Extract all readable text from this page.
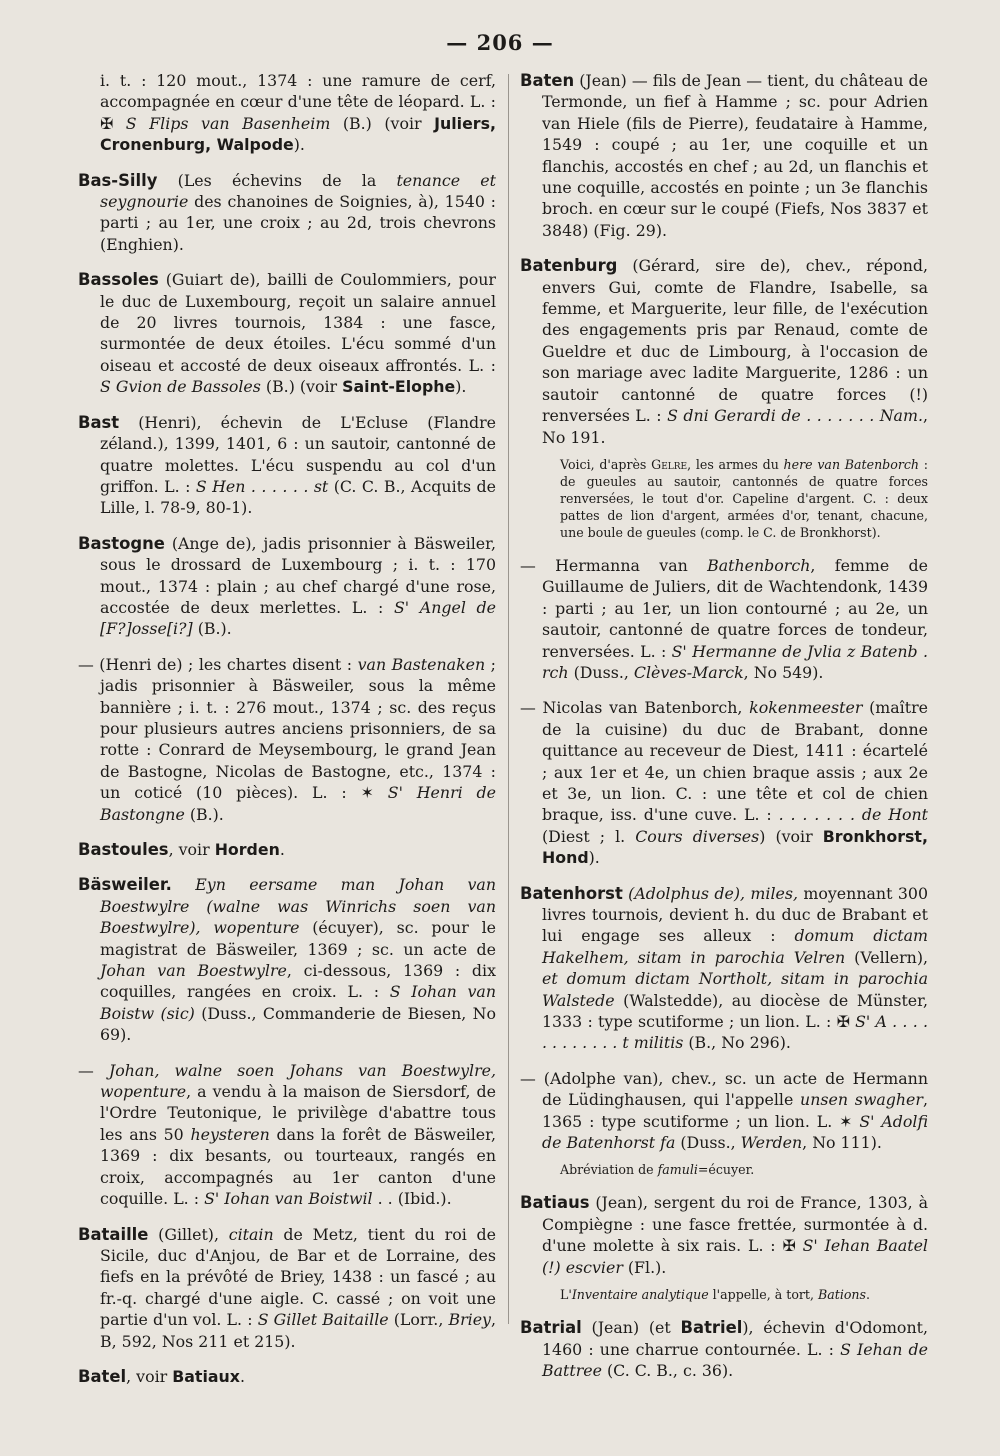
— 206 —

i. t. : 120 mout., 1374 : une ramure de cerf, accompagnée en cœur d'une tête de léopard. L. : ✠ S Flips van Basenheim (B.) (voir Juliers, Cronenburg, Walpode).

Bas-Silly (Les échevins de la tenance et seygnourie des chanoines de Soignies, à), 1540 : parti ; au 1er, une croix ; au 2d, trois chevrons (Enghien).

Bassoles (Guiart de), bailli de Coulommiers, pour le duc de Luxembourg, reçoit un salaire annuel de 20 livres tournois, 1384 : une fasce, surmontée de deux étoiles. L'écu sommé d'un oiseau et accosté de deux oiseaux affrontés. L. : S Gvion de Bassoles (B.) (voir Saint-Elophe).

Bast (Henri), échevin de L'Ecluse (Flandre zéland.), 1399, 1401, 6 : un sautoir, cantonné de quatre molettes. L'écu suspendu au col d'un griffon. L. : S Hen . . . . . . st (C. C. B., Acquits de Lille, l. 78-9, 80-1).

Bastogne (Ange de), jadis prisonnier à Bäsweiler, sous le drossard de Luxembourg ; i. t. : 170 mout., 1374 : plain ; au chef chargé d'une rose, accostée de deux merlettes. L. : S' Angel de [F?]osse[i?] (B.).

— (Henri de) ; les chartes disent : van Bastenaken ; jadis prisonnier à Bäsweiler, sous la même bannière ; i. t. : 276 mout., 1374 ; sc. des reçus pour plusieurs autres anciens prisonniers, de sa rotte : Conrard de Meysembourg, le grand Jean de Bastogne, Nicolas de Bastogne, etc., 1374 : un coticé (10 pièces). L. : ✶ S' Henri de Bastongne (B.).

Bastoules, voir Horden.

Bäsweiler. Eyn eersame man Johan van Boestwylre (walne was Winrichs soen van Boestwylre), wopenture (écuyer), sc. pour le magistrat de Bäsweiler, 1369 ; sc. un acte de Johan van Boestwylre, ci-dessous, 1369 : dix coquilles, rangées en croix. L. : S Iohan van Boistw (sic) (Duss., Commanderie de Biesen, No 69).

— Johan, walne soen Johans van Boestwylre, wopenture, a vendu à la maison de Siersdorf, de l'Ordre Teutonique, le privilège d'abattre tous les ans 50 heysteren dans la forêt de Bäsweiler, 1369 : dix besants, ou tourteaux, rangés en croix, accompagnés au 1er canton d'une coquille. L. : S' Iohan van Boistwil . . (Ibid.).

Bataille (Gillet), citain de Metz, tient du roi de Sicile, duc d'Anjou, de Bar et de Lorraine, des fiefs en la prévôté de Briey, 1438 : un fascé ; au fr.-q. chargé d'une aigle. C. cassé ; on voit une partie d'un vol. L. : S Gillet Baitaille (Lorr., Briey, B, 592, Nos 211 et 215).

Batel, voir Batiaux.

Baten (Jean) — fils de Jean — tient, du château de Termonde, un fief à Hamme ; sc. pour Adrien van Hiele (fils de Pierre), feudataire à Hamme, 1549 : coupé ; au 1er, une coquille et un flanchis, accostés en chef ; au 2d, un flanchis et une coquille, accostés en pointe ; un 3e flanchis broch. en cœur sur le coupé (Fiefs, Nos 3837 et 3848) (Fig. 29).

Batenburg (Gérard, sire de), chev., répond, envers Gui, comte de Flandre, Isabelle, sa femme, et Marguerite, leur fille, de l'exécution des engagements pris par Renaud, comte de Gueldre et duc de Limbourg, à l'occasion de son mariage avec ladite Marguerite, 1286 : un sautoir cantonné de quatre forces (!) renversées L. : S dni Gerardi de . . . . . . . Nam., No 191.

Voici, d'après Gelre, les armes du here van Batenborch : de gueules au sautoir, cantonnés de quatre forces renversées, le tout d'or. Capeline d'argent. C. : deux pattes de lion d'argent, armées d'or, tenant, chacune, une boule de gueules (comp. le C. de Bronkhorst).

— Hermanna van Bathenborch, femme de Guillaume de Juliers, dit de Wachtendonk, 1439 : parti ; au 1er, un lion contourné ; au 2e, un sautoir, cantonné de quatre forces de tondeur, renversées. L. : S' Hermanne de Jvlia z Batenb . rch (Duss., Clèves-Marck, No 549).

— Nicolas van Batenborch, kokenmeester (maître de la cuisine) du duc de Brabant, donne quittance au receveur de Diest, 1411 : écartelé ; aux 1er et 4e, un chien braque assis ; aux 2e et 3e, un lion. C. : une tête et col de chien braque, iss. d'une cuve. L. : . . . . . . . de Hont (Diest ; l. Cours diverses) (voir Bronkhorst, Hond).

Batenhorst (Adolphus de), miles, moyennant 300 livres tournois, devient h. du duc de Brabant et lui engage ses alleux : domum dictam Hakelhem, sitam in parochia Velren (Vellern), et domum dictam Northolt, sitam in parochia Walstede (Walstedde), au diocèse de Münster, 1333 : type scutiforme ; un lion. L. : ✠ S' A . . . . . . . . . . . . t militis (B., No 296).

— (Adolphe van), chev., sc. un acte de Hermann de Lüdinghausen, qui l'appelle unsen swagher, 1365 : type scutiforme ; un lion. L. ✶ S' Adolfi de Batenhorst fa (Duss., Werden, No 111).

Abréviation de famuli=écuyer.

Batiaus (Jean), sergent du roi de France, 1303, à Compiègne : une fasce frettée, surmontée à d. d'une molette à six rais. L. : ✠ S' Iehan Baatel (!) escvier (Fl.).

L'Inventaire analytique l'appelle, à tort, Bations.

Batrial (Jean) (et Batriel), échevin d'Odomont, 1460 : une charrue contournée. L. : S Iehan de Battree (C. C. B., c. 36).
